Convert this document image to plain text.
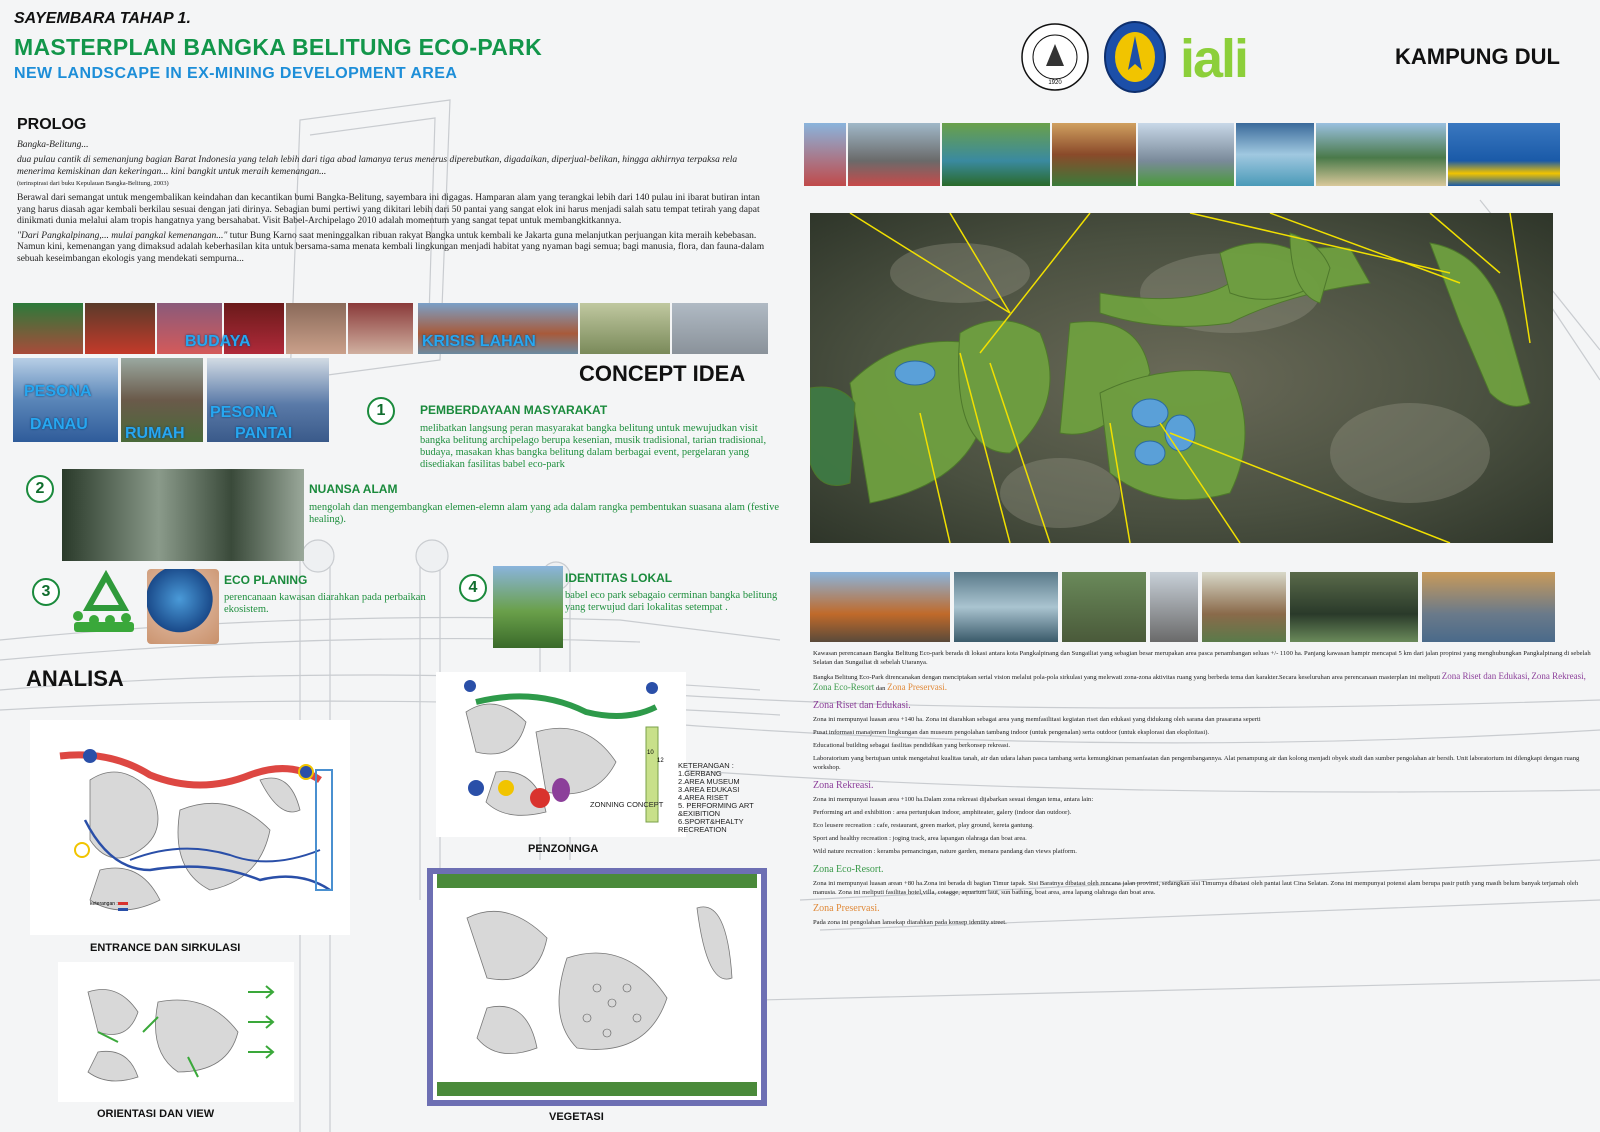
SAYEMBARA TAHAP 1.
MASTERPLAN BANGKA BELITUNG ECO-PARK
NEW LANDSCAPE IN EX-MINING DEVELOPMENT AREA
1920 iali	KAMPUNG DUL
PROLOG

Bangka-Belitung...

dua pulau cantik di semenanjung bagian Barat Indonesia yang telah lebih dari tiga abad lamanya terus menerus diperebutkan, digadaikan, diperjual-belikan, hingga akhirnya terpaksa rela menerima kemiskinan dan kekeringan... kini bangkit untuk meraih kemenangan...

(terinspirasi dari buku Kepulauan Bangka-Belitung, 2003)

Berawal dari semangat untuk mengembalikan keindahan dan kecantikan bumi Bangka-Belitung, sayembara ini digagas. Hamparan alam yang terangkai lebih dari 140 pulau ini ibarat butiran intan yang harus diasah agar kembali berkilau sesuai dengan jati dirinya. Sebagian bumi pertiwi yang dikitari lebih dari 50 pantai yang sangat elok ini harus menjadi salah satu tempat tetirah yang dapat dinikmati dunia melalui alam tropis hangatnya yang bersahabat. Visit Babel-Archipelago 2010 adalah momentum yang sangat tepat untuk membangkitkannya.

"Dari Pangkalpinang,... mulai pangkal kemenangan..." tutur Bung Karno saat meninggalkan ribuan rakyat Bangka untuk kembali ke Jakarta guna melanjutkan perjuangan kita meraih kebebasan. Namun kini, kemenangan yang dimaksud adalah keberhasilan kita untuk bersama-sama menata kembali lingkungan menjadi habitat yang nyaman bagi semua; bagi manusia, flora, dan fauna-dalam sebuah keseimbangan ekologis yang mendekati sempurna...

BUDAYA	KRISIS LAHAN
PESONA
DANAU
RUMAH
PESONA
PANTAI
CONCEPT IDEA
1	PEMBERDAYAAN MASYARAKAT
melibatkan langsung peran masyarakat bangka belitung untuk mewujudkan visit bangka belitung archipelago berupa kesenian, musik tradisional, tarian tradisional, budaya, masakan khas bangka belitung dalam berbagai event, pergelaran yang disediakan fasilitas babel eco-park
2	NUANSA ALAM
mengolah dan mengembangkan elemen-elemn alam yang ada dalam rangka pembentukan suasana alam (festive healing).
3
ECO PLANING
perencanaan kawasan diarahkan pada perbaikan ekosistem.
4
IDENTITAS LOKAL
babel eco park sebagaio cerminan bangka belitung yang terwujud dari lokalitas setempat .
ANALISA
keterangan :
ENTRANCE DAN SIRKULASI
ORIENTASI DAN VIEW
10
12
ZONNING CONCEPT
KETERANGAN :
1.GERBANG
2.AREA MUSEUM
3.AREA EDUKASI
4.AREA RISET
5. PERFORMING ART
&EXIBITION
6.SPORT&HEALTY
RECREATION
PENZONNGA
VEGETASI
Kawasan perencanaan Bangka Belitung Eco-park berada di lokasi antara kota Pangkalpinang dan Sungailiat yang sebagian besar merupakan area pasca penambangan seluas +/- 1100 ha. Panjang kawasan hampir mencapai 5 km dari jalan propinsi yang menghubungkan Pangkalpinang di sebelah Selatan dan Sungailiat di sebelah Utaranya.
Bangka Belitung Eco-Park direncanakan dengan menciptakan serial vision melalui pola-pola sirkulasi yang melewati zona-zona aktivitas ruang yang berbeda tema dan karakter.Secara keseluruhan area perencanaan masterplan ini meliputi Zona Riset dan Edukasi, Zona Rekreasi, Zona Eco-Resort dan Zona Preservasi.
Zona Riset dan Edukasi.
Zona ini mempunyai luasan area +140 ha. Zona ini diarahkan sebagai area yang memfasilitasi kegiatan riset dan edukasi yang didukung oleh sarana dan prasarana seperti
Pusat informasi manajemen lingkungan dan museum pengolahan tambang indoor (untuk pengenalan) serta outdoor (untuk eksplorasi dan eksploitasi).
Educational building sebagai fasilitas pendidikan yang berkonsep rekreasi.
Laboratorium yang bertujuan untuk mengetahui kualitas tanah, air dan udara lahan pasca tambang serta kemungkinan pemanfaatan dan pengembangannya. Alat penampung air dan kolong menjadi obyek studi dan sumber pengolahan air bersih. Unit laboratorium ini dilengkapi dengan ruang workshop.
Zona Rekreasi.
Zona ini mempunyai luasan area +100 ha.Dalam zona rekreasi dijabarkan sesuai dengan tema, antara lain:
Performing art and exhibition : area pertunjukan indoor, amphiteater, galery (indoor dan outdoor).
Eco leusere recreation : cafe, restaurant, green market, play ground, kereta gantung.
Sport and healthy recreation : joging track, area lapangan olahraga dan boat area.
Wild nature recreation : keramba pemancingan, nature garden, menara pandang dan views platform.
Zona Eco-Resort.
Zona ini mempunyai luasan arean +80 ha.Zona ini berada di bagian Timur tapak. Sisi Baratnya dibatasi oleh rencana jalan provinsi, sedangkan sisi Timurnya dibatasi oleh pantai laut Cina Selatan. Zona ini mempunyai potensi alam berupa pasir putih yang masih belum banyak terjamah oleh manusia. Zona ini meliputi fasilitas hotel,villa, cotagge, aquarium laut, sun bathing, boat area, area lapang olahraga dan boat area.
Zona Preservasi.
Pada zona ini pengolahan lansekap diarahkan pada konsep identity street.
